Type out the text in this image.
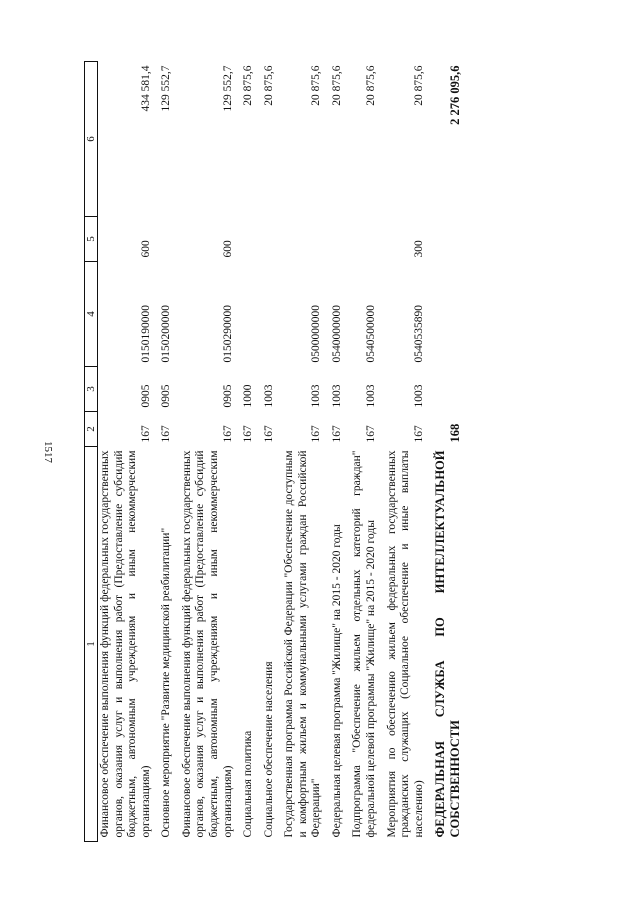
1517
1	2	3	4	5	6
Финансовое обеспечение выполнения функций федеральных государственных органов, оказания услуг и выполнения работ (Предоставление субсидий бюджетным, автономным учреждениям и иным некоммерческим организациям)	167	0905	0150190000	600	434 581,4
Основное мероприятие "Развитие медицинской реабилитации"	167	0905	0150200000		129 552,7
Финансовое обеспечение выполнения функций федеральных государственных органов, оказания услуг и выполнения работ (Предоставление субсидий бюджетным, автономным учреждениям и иным некоммерческим организациям)	167	0905	0150290000	600	129 552,7
Социальная политика	167	1000			20 875,6
Социальное обеспечение населения	167	1003			20 875,6
Государственная программа Российской Федерации "Обеспечение доступным и комфортным жильем и коммунальными услугами граждан Российской Федерации"	167	1003	0500000000		20 875,6
Федеральная целевая программа "Жилище" на 2015 - 2020 годы	167	1003	0540000000		20 875,6
Подпрограмма "Обеспечение жильем отдельных категорий граждан" федеральной целевой программы "Жилище" на 2015 - 2020 годы	167	1003	0540500000		20 875,6
Мероприятия по обеспечению жильем федеральных государственных гражданских служащих (Социальное обеспечение и иные выплаты населению)	167	1003	0540535890	300	20 875,6
ФЕДЕРАЛЬНАЯ СЛУЖБА ПО ИНТЕЛЛЕКТУАЛЬНОЙ СОБСТВЕННОСТИ	168				2 276 095,6
